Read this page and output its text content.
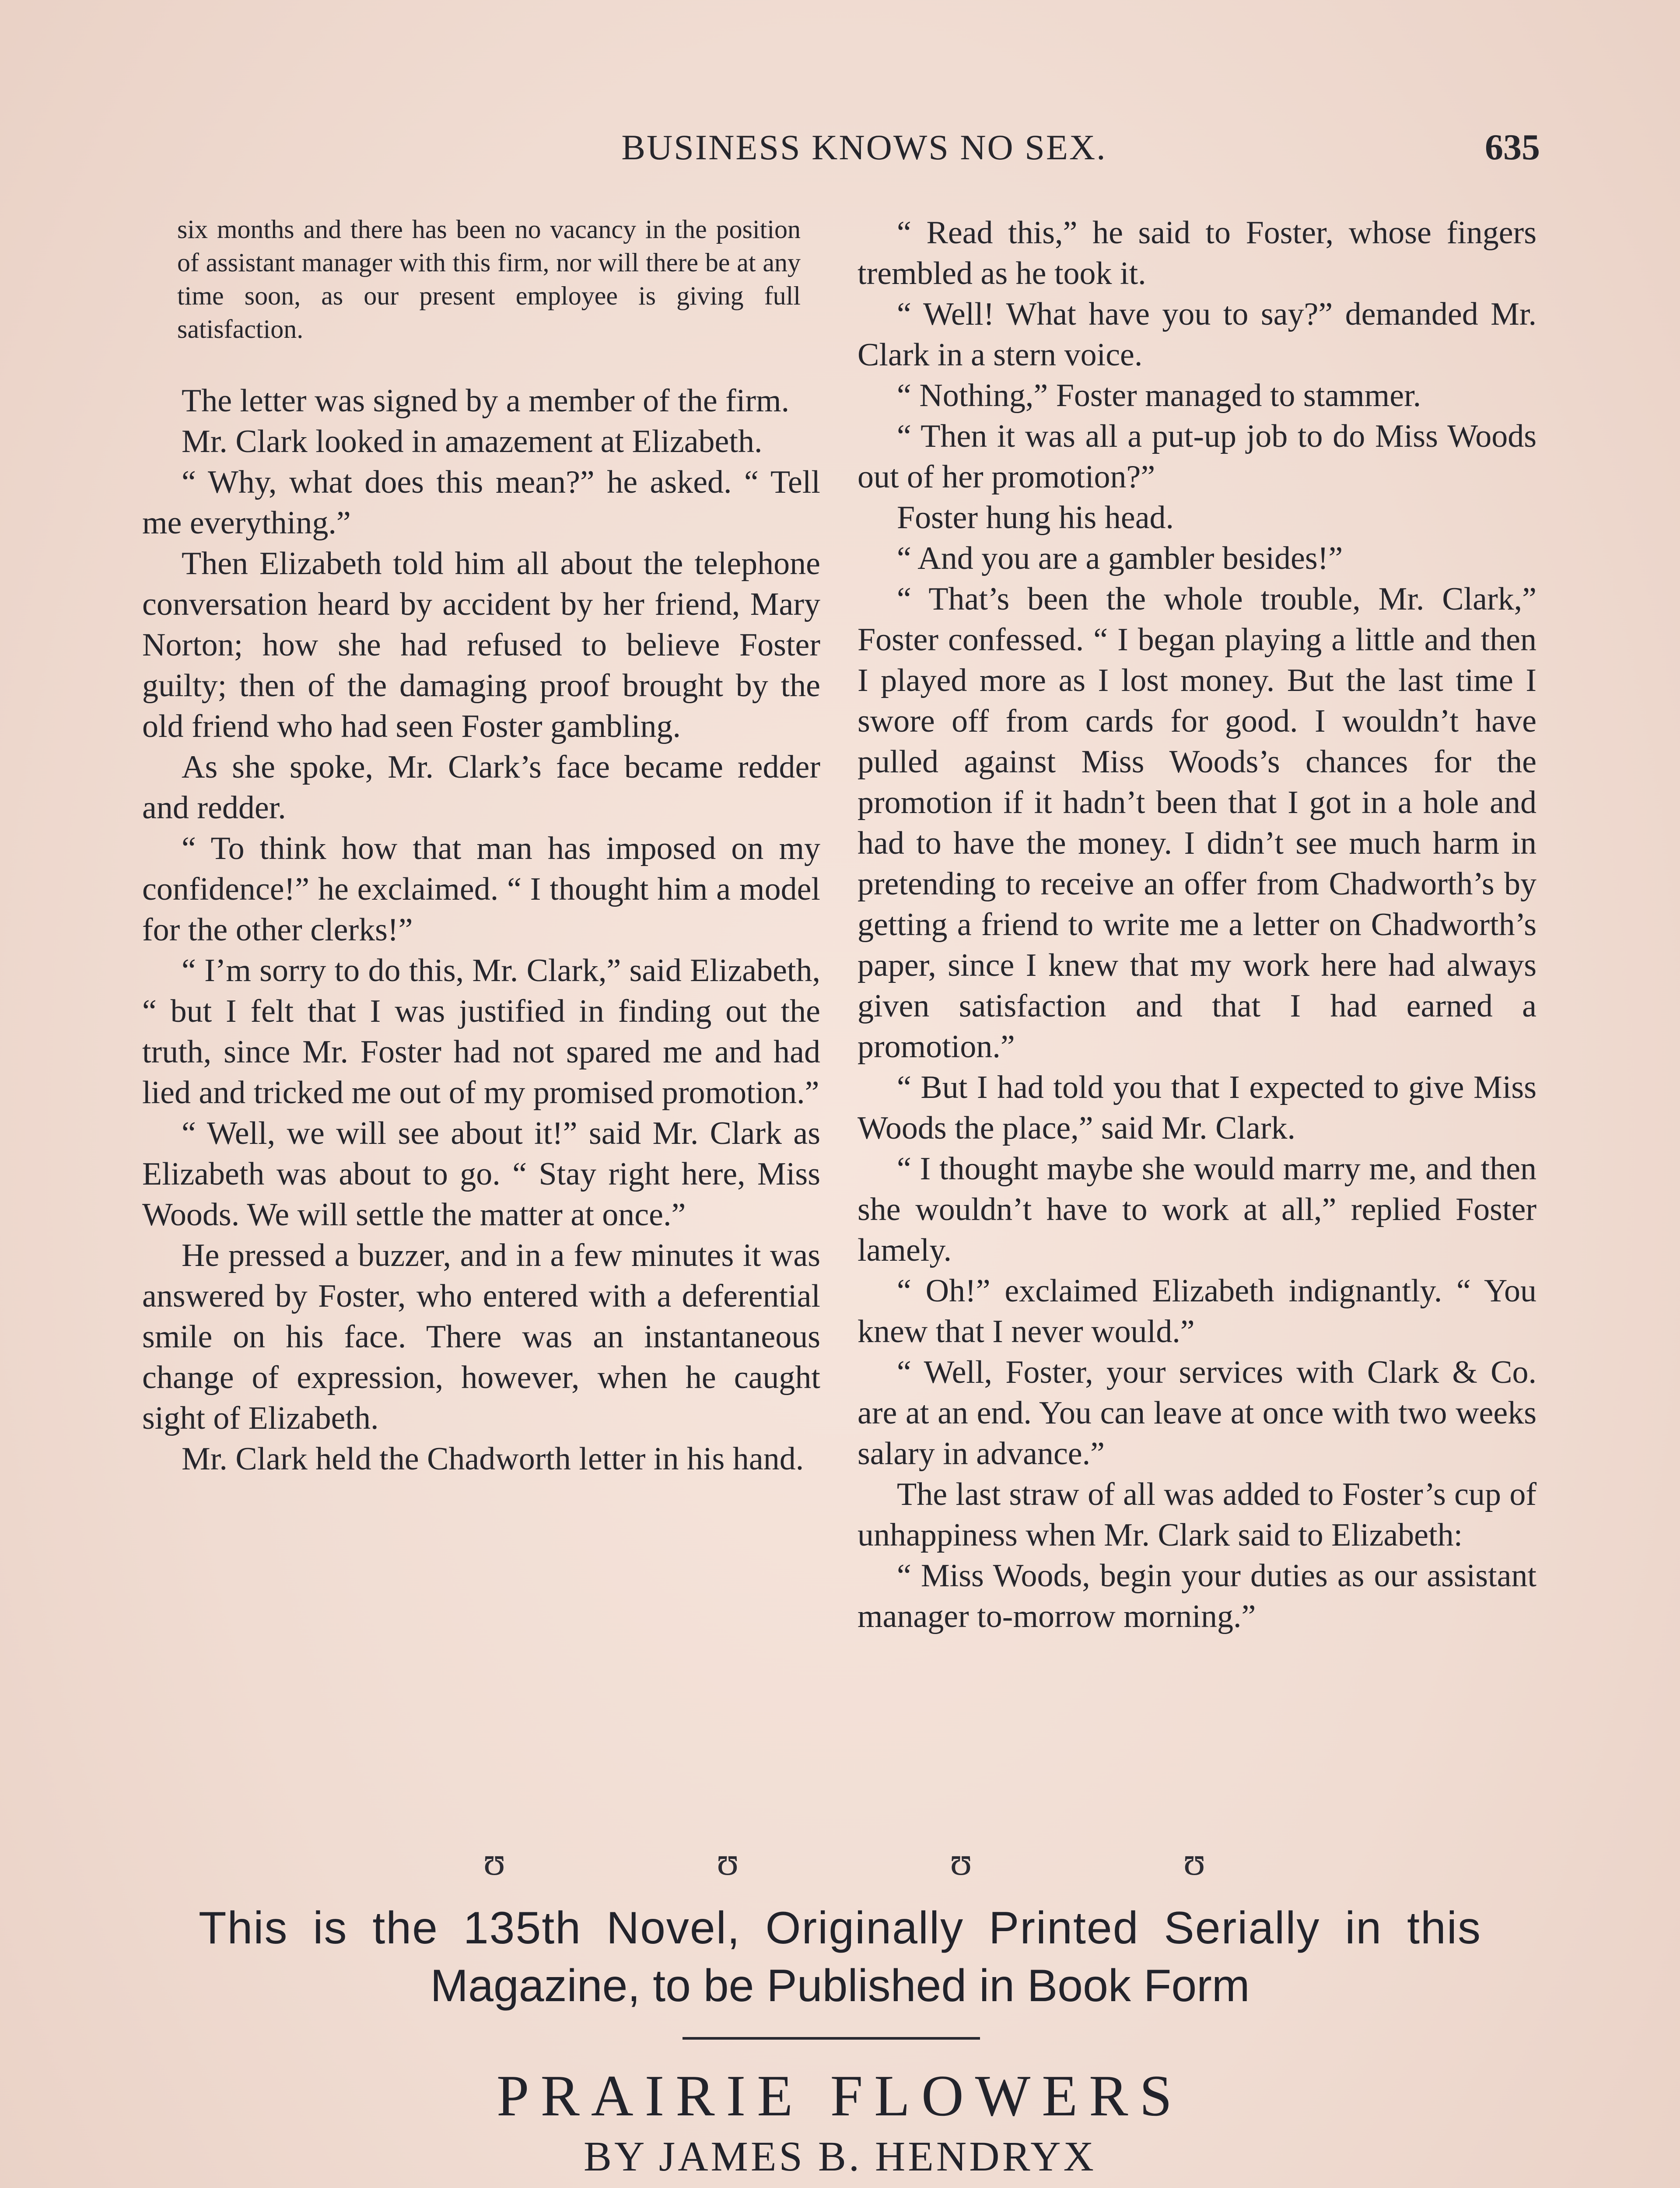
BUSINESS KNOWS NO SEX.	635
six months and there has been no vacancy in the position of assistant manager with this firm, nor will there be at any time soon, as our present employee is giving full satisfaction.

The letter was signed by a member of the firm.

Mr. Clark looked in amazement at Elizabeth.

“ Why, what does this mean?” he asked. “ Tell me everything.”

Then Elizabeth told him all about the telephone conversation heard by accident by her friend, Mary Norton; how she had refused to believe Foster guilty; then of the damaging proof brought by the old friend who had seen Foster gambling.

As she spoke, Mr. Clark’s face became redder and redder.

“ To think how that man has imposed on my confidence!” he exclaimed. “ I thought him a model for the other clerks!”

“ I’m sorry to do this, Mr. Clark,” said Elizabeth, “ but I felt that I was justified in finding out the truth, since Mr. Foster had not spared me and had lied and tricked me out of my promised promotion.”

“ Well, we will see about it!” said Mr. Clark as Elizabeth was about to go. “ Stay right here, Miss Woods. We will settle the matter at once.”

He pressed a buzzer, and in a few minutes it was answered by Foster, who entered with a deferential smile on his face. There was an instantaneous change of expression, however, when he caught sight of Elizabeth.

Mr. Clark held the Chadworth letter in his hand.

“ Read this,” he said to Foster, whose fingers trembled as he took it.

“ Well! What have you to say?” demanded Mr. Clark in a stern voice.

“ Nothing,” Foster managed to stammer.

“ Then it was all a put-up job to do Miss Woods out of her promotion?”

Foster hung his head.

“ And you are a gambler besides!”

“ That’s been the whole trouble, Mr. Clark,” Foster confessed. “ I began playing a little and then I played more as I lost money. But the last time I swore off from cards for good. I wouldn’t have pulled against Miss Woods’s chances for the promotion if it hadn’t been that I got in a hole and had to have the money. I didn’t see much harm in pretending to receive an offer from Chadworth’s by getting a friend to write me a letter on Chadworth’s paper, since I knew that my work here had always given satisfaction and that I had earned a promotion.”

“ But I had told you that I expected to give Miss Woods the place,” said Mr. Clark.

“ I thought maybe she would marry me, and then she wouldn’t have to work at all,” replied Foster lamely.

“ Oh!” exclaimed Elizabeth indignantly. “ You knew that I never would.”

“ Well, Foster, your services with Clark & Co. are at an end. You can leave at once with two weeks salary in advance.”

The last straw of all was added to Foster’s cup of unhappiness when Mr. Clark said to Elizabeth:

“ Miss Woods, begin your duties as our assistant manager to-morrow morning.”

ʊ	ʊ	ʊ	ʊ
This is the 135th Novel, Originally Printed Serially in this
Magazine, to be Published in Book Form
PRAIRIE FLOWERS
BY JAMES B. HENDRYX
